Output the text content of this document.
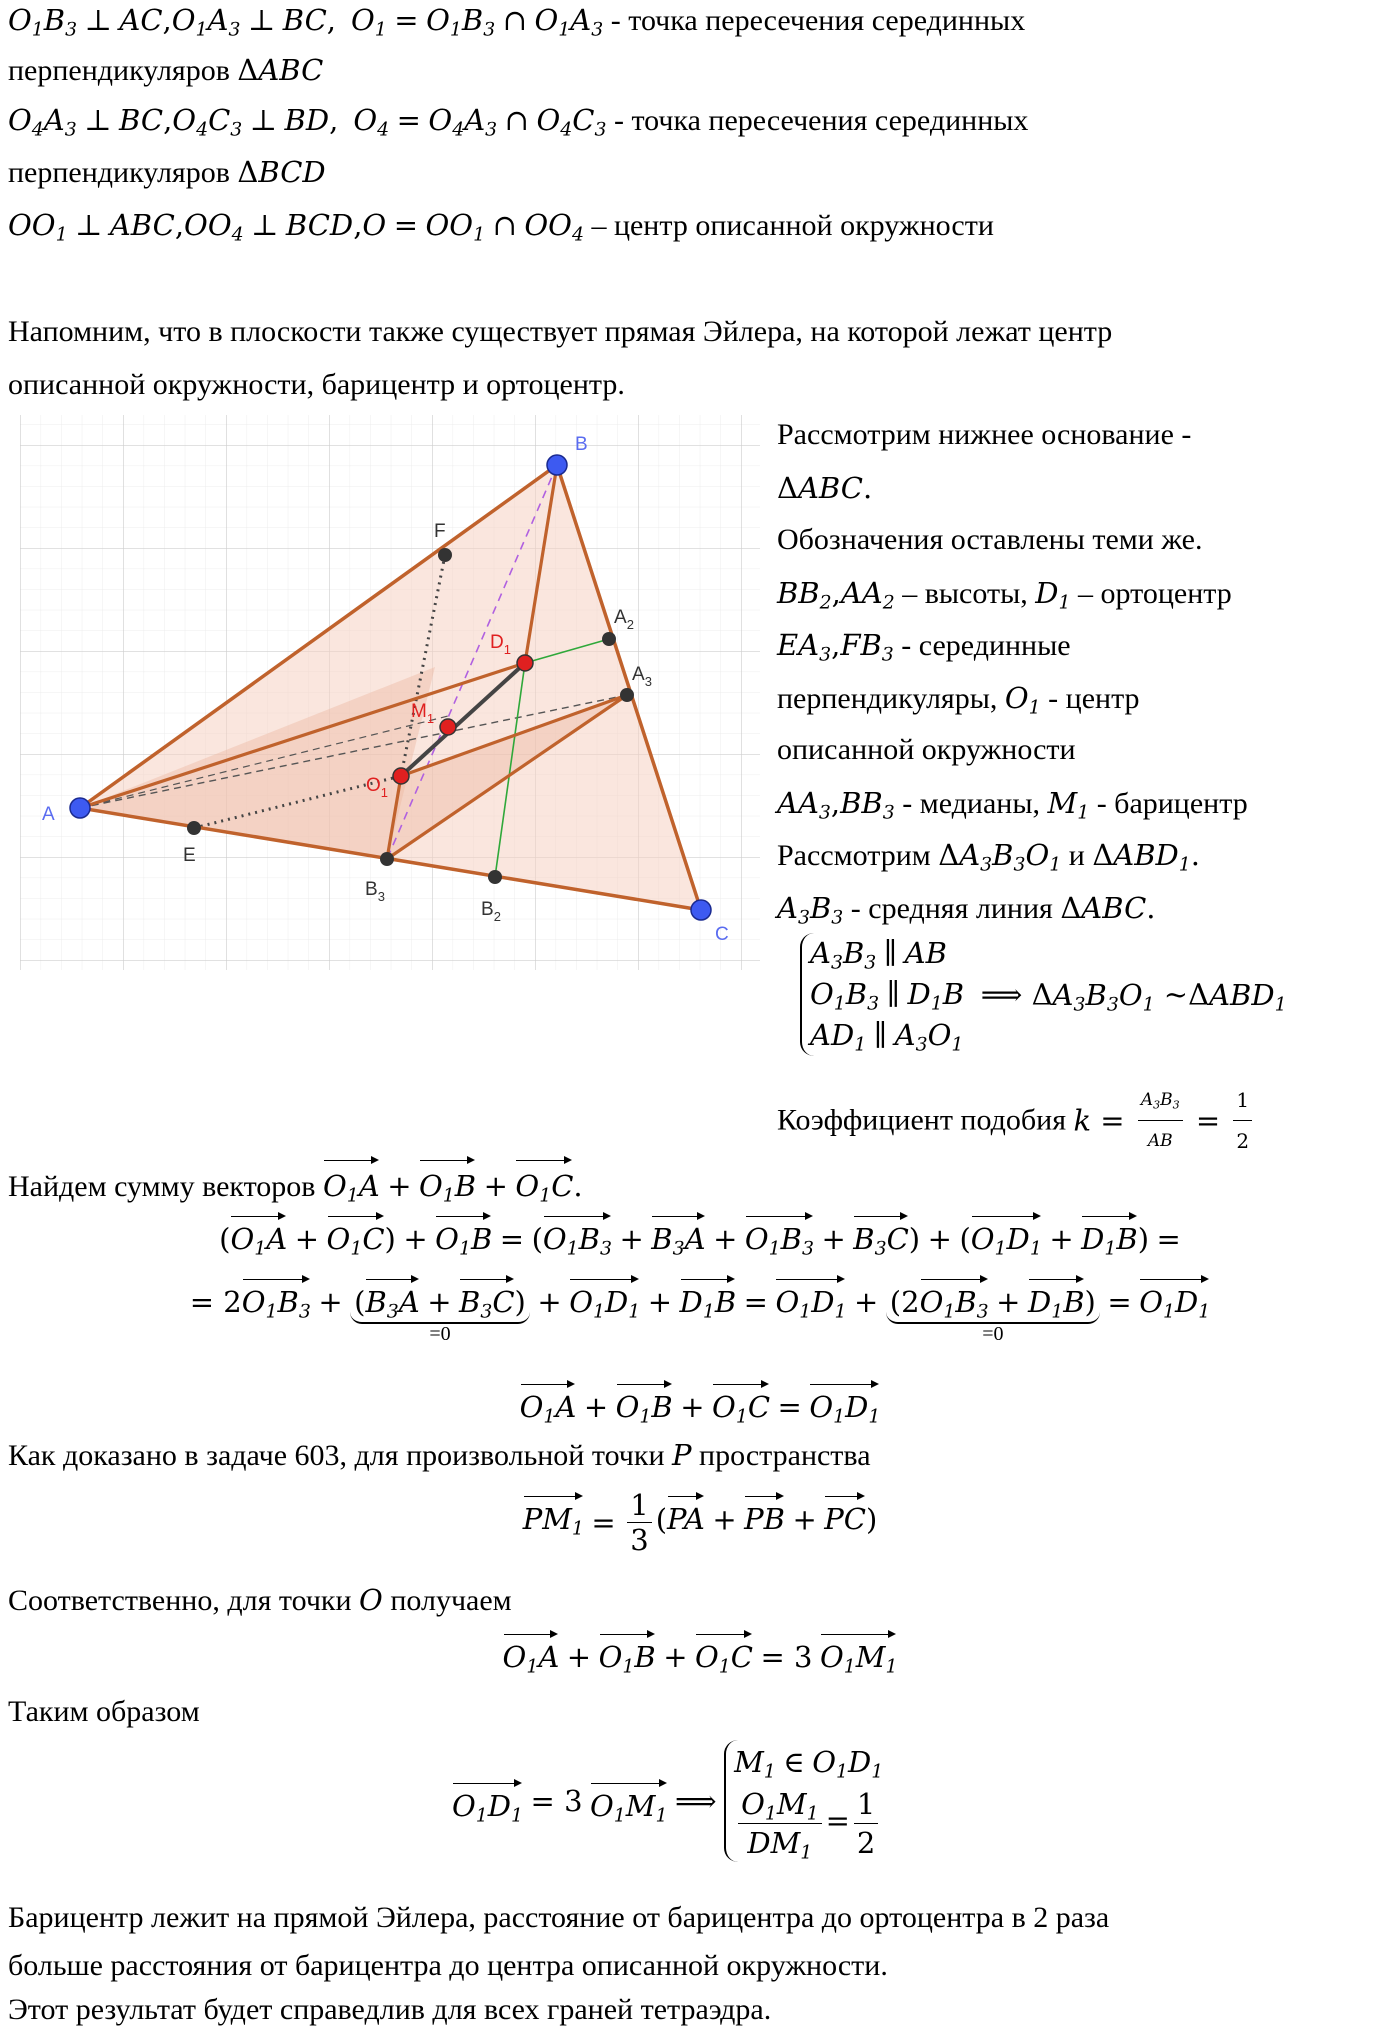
$O_1B_3$ ⊥ $AC,O_1A_3$ ⊥ BC, $O_1 = O_1B_3$ ∩ $O_1A_3$ - точка пересечения серединных
перпендикуляров ΔABC
$O_4A_3$ ⊥ $BC,O_4C_3$ ⊥ BD, $O_4 = O_4A_3$ ∩ $O_4C_3$ - точка пересечения серединных
перпендикуляров ΔBCD
$OO_1$ ⊥ $ABC,OO_4$ ⊥ $BCD,O = OO_1$ ∩ $OO_4$ – центр описанной окружности
Напомним, что в плоскости также существует прямая Эйлера, на которой лежат центр
описанной окружности, барицентр и ортоцентр.
A
B
C
E
F
$A_2$
$A_3$
$B_2$
$B_3$
$D_1$
$M_1$
$O_1$
Рассмотрим нижнее основание -
ΔABC.
Обозначения оставлены теми же.
$BB_2,AA_2$ – высоты, $D_1$ – ортоцентр
$EA_3,FB_3$ - серединные
перпендикуляры, $O_1$ - центр
описанной окружности
$AA_3,BB_3$ - медианы, $M_1$ - барицентр
Рассмотрим $\Delta A_3B_3O_1$ и $\Delta ABD_1$.
$A_3B_3$ - средняя линия ΔABC.
$A_3B_3$ ∥ AB
$O_1B_3$ ∥ $D_1B$
$AD_1$ ∥ $A_3O_1$
⟹ $\Delta A_3B_3O_1$ $\sim\Delta ABD_1$
Коэффициент подобия $k = \frac{A_3B_3}{AB} = \frac{1}{2}$
Найдем сумму векторов $O_1A + O_1B + O_1C$.
$(O_1A + O_1C) + O_1B = (O_1B_3 + B_3A + O_1B_3 + B_3C) + (O_1D_1 + D_1B)$ =
= $2O_1B_3 + (B_3A + B_3C)$
=0
+ $O_1D_1 + D_1B = O_1D_1 + (2O_1B_3 + D_1B)$
=0
= $O_1D_1$
$O_1A + O_1B + O_1C = O_1D_1$
Как доказано в задаче 603, для произвольной точки P пространства
$PM_1 = \frac{1}{3} (PA$ + PB + PC)
Соответственно, для точки O получаем
$O_1A + O_1B + O_1C = 3$ $O_1M_1$
Таким образом
$O_1D_1 = 3$ $O_1M_1$ ⟹
$M_1$ ∈ $O_1D_1$
$\frac{O_1M_1}{DM_1} = \frac{1}{2}$
Барицентр лежит на прямой Эйлера, расстояние от барицентра до ортоцентра в 2 раза
больше расстояния от барицентра до центра описанной окружности.
Этот результат будет справедлив для всех граней тетраэдра.
